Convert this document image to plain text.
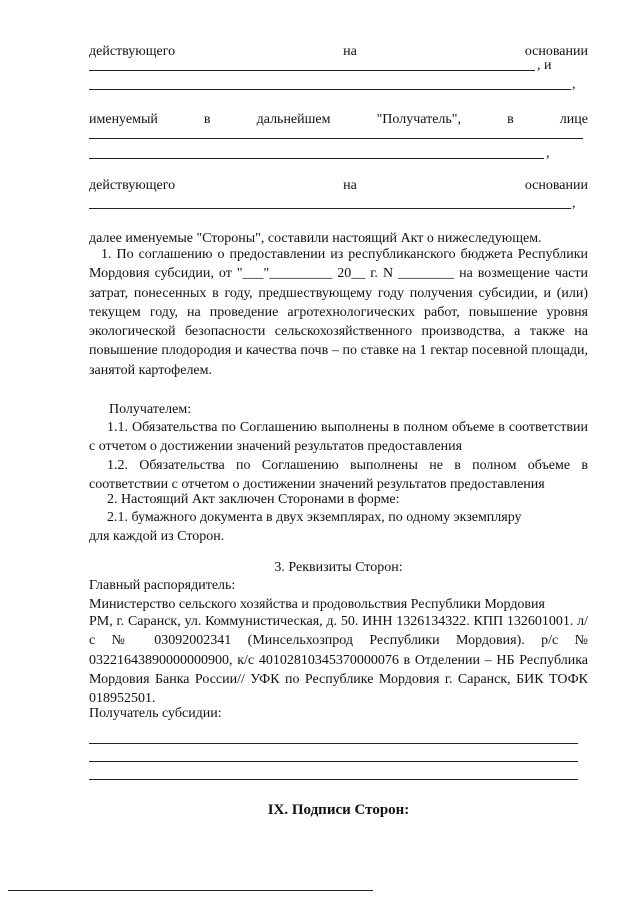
действующего	на	основании
, и
,
именуемый	в	дальнейшем	"Получатель",	в	лице
,
действующего	на	основании
,
далее именуемые "Стороны", составили настоящий Акт о нижеследующем.

1. По соглашению о предоставлении из республиканского бюджета Республики Мордовия субсидии, от "___"_________ 20__ г. N ________ на возмещение части затрат, понесенных в году, предшествующему году получения субсидии, и (или) текущем году, на проведение агротехнологических работ, повышение уровня экологической безопасности сельскохозяйственного производства, а также на повышение плодородия и качества почв – по ставке на 1 гектар посевной площади, занятой картофелем.

Получателем:

1.1. Обязательства по Соглашению выполнены в полном объеме в соответствии с отчетом о достижении значений результатов предоставления

1.2. Обязательства по Соглашению выполнены не в полном объеме в соответствии с отчетом о достижении значений результатов предоставления

2. Настоящий Акт заключен Сторонами в форме:
2.1. бумажного документа в двух экземплярах, по одному экземпляру
для каждой из Сторон.
3. Реквизиты Сторон:
Главный распорядитель:
Министерство сельского хозяйства и продовольствия Республики Мордовия

РМ, г. Саранск, ул. Коммунистическая, д. 50. ИНН 1326134322. КПП 132601001. л/с № 03092002341 (Минсельхозпрод Республики Мордовия). р/с № 03221643890000000900, к/с 40102810345370000076 в Отделении – НБ Республика Мордовия Банка России// УФК по Республике Мордовия г. Саранск, БИК ТОФК 018952501.

Получатель субсидии:
IX. Подписи Сторон:
